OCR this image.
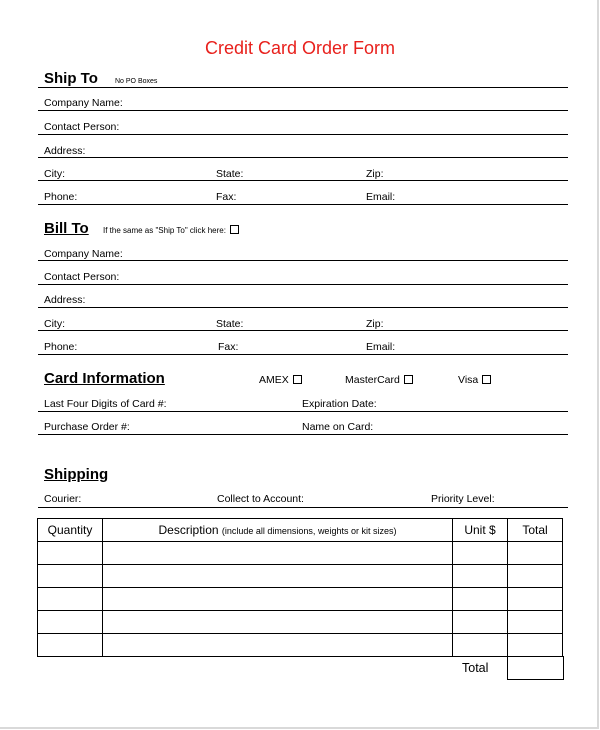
Credit Card Order Form
Ship To No PO Boxes
Company Name:
Contact Person:
Address:
City:	State:	Zip:
Phone:	Fax:	Email:
Bill To If the same as "Ship To" click here:
Company Name:
Contact Person:
Address:
City:	State:	Zip:
Phone:	Fax:	Email:
Card Information	AMEX	MasterCard	Visa
Last Four Digits of Card #:	Expiration Date:
Purchase Order #:	Name on Card:
Shipping
Courier:	Collect to Account:	Priority Level:
Quantity	Description (include all dimensions, weights or kit sizes)	Unit $	Total

Total
